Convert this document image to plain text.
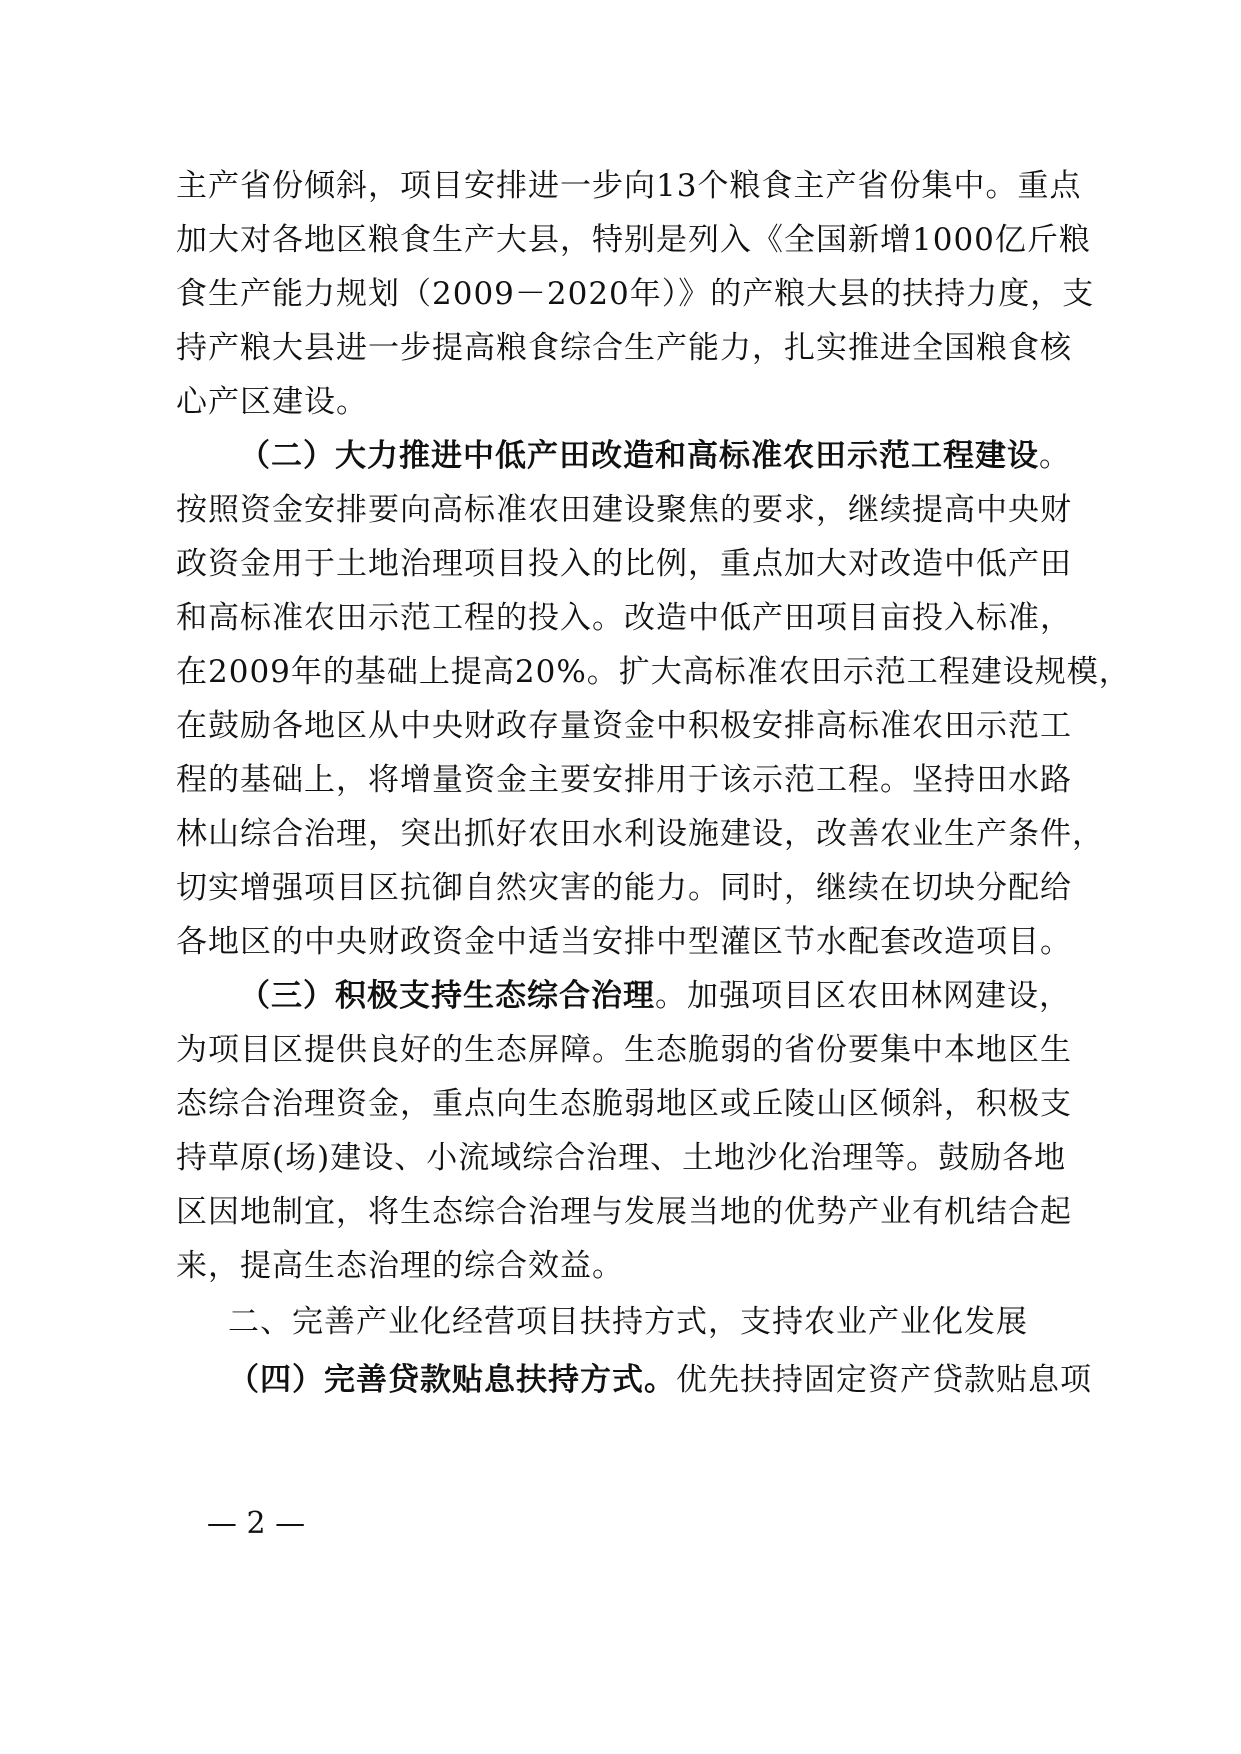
主产省份倾斜，项目安排进一步向13个粮食主产省份集中。重点
加大对各地区粮食生产大县，特别是列入《全国新增1000亿斤粮
食生产能力规划（2009－2020年）》的产粮大县的扶持力度，支
持产粮大县进一步提高粮食综合生产能力，扎实推进全国粮食核
心产区建设。
（二）大力推进中低产田改造和高标准农田示范工程建设。
按照资金安排要向高标准农田建设聚焦的要求，继续提高中央财
政资金用于土地治理项目投入的比例，重点加大对改造中低产田
和高标准农田示范工程的投入。改造中低产田项目亩投入标准，
在2009年的基础上提高20%。扩大高标准农田示范工程建设规模，
在鼓励各地区从中央财政存量资金中积极安排高标准农田示范工
程的基础上，将增量资金主要安排用于该示范工程。坚持田水路
林山综合治理，突出抓好农田水利设施建设，改善农业生产条件，
切实增强项目区抗御自然灾害的能力。同时，继续在切块分配给
各地区的中央财政资金中适当安排中型灌区节水配套改造项目。
（三）积极支持生态综合治理。加强项目区农田林网建设，
为项目区提供良好的生态屏障。生态脆弱的省份要集中本地区生
态综合治理资金，重点向生态脆弱地区或丘陵山区倾斜，积极支
持草原(场)建设、小流域综合治理、土地沙化治理等。鼓励各地
区因地制宜，将生态综合治理与发展当地的优势产业有机结合起
来，提高生态治理的综合效益。
二、完善产业化经营项目扶持方式，支持农业产业化发展
（四）完善贷款贴息扶持方式。优先扶持固定资产贷款贴息项
— 2 —
